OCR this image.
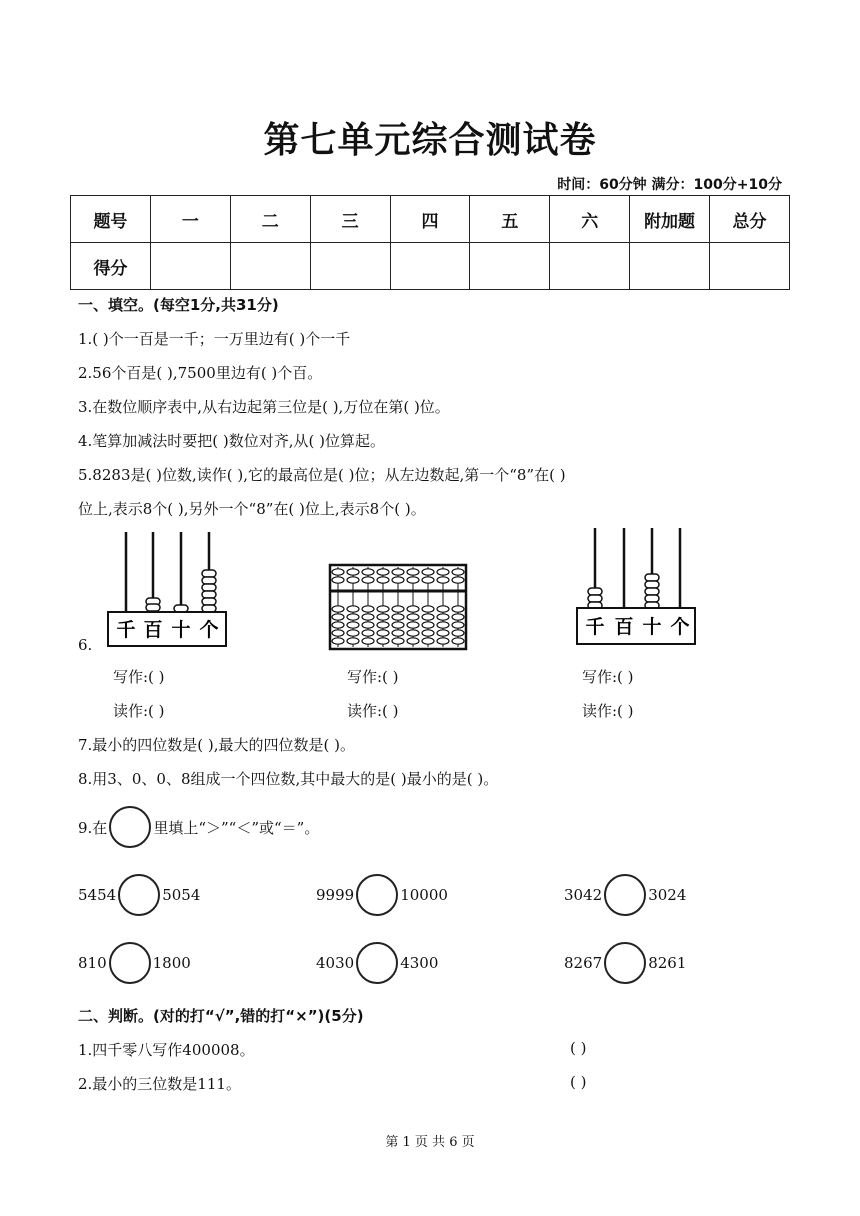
第七单元综合测试卷
时间：60分钟 满分：100分+10分
题号	一	二	三	四	五	六	附加题	总分
得分								
一、填空。(每空1分,共31分)
1.( )个一百是一千；一万里边有( )个一千
2.56个百是( ),7500里边有( )个百。
3.在数位顺序表中,从右边起第三位是( ),万位在第( )位。
4.笔算加减法时要把( )数位对齐,从( )位算起。
5.8283是( )位数,读作( ),它的最高位是( )位；从左边数起,第一个“8”在( )
位上,表示8个( ),另外一个“8”在( )位上,表示8个( )。
千 百 十 个	千 百 十 个
6.
写作:( )	写作:( )	写作:( )
读作:( )	读作:( )	读作:( )
7.最小的四位数是( ),最大的四位数是( )。
8.用3、0、0、8组成一个四位数,其中最大的是( )最小的是( )。
9.在	里填上“＞”“＜”或“＝”。
5454	5054	9999	10000	3042	3024
810	1800	4030	4300	8267	8261
二、判断。(对的打“√”,错的打“×”)(5分)
1.四千零八写作400008。	( )
2.最小的三位数是111。	( )
第 1 页 共 6 页
